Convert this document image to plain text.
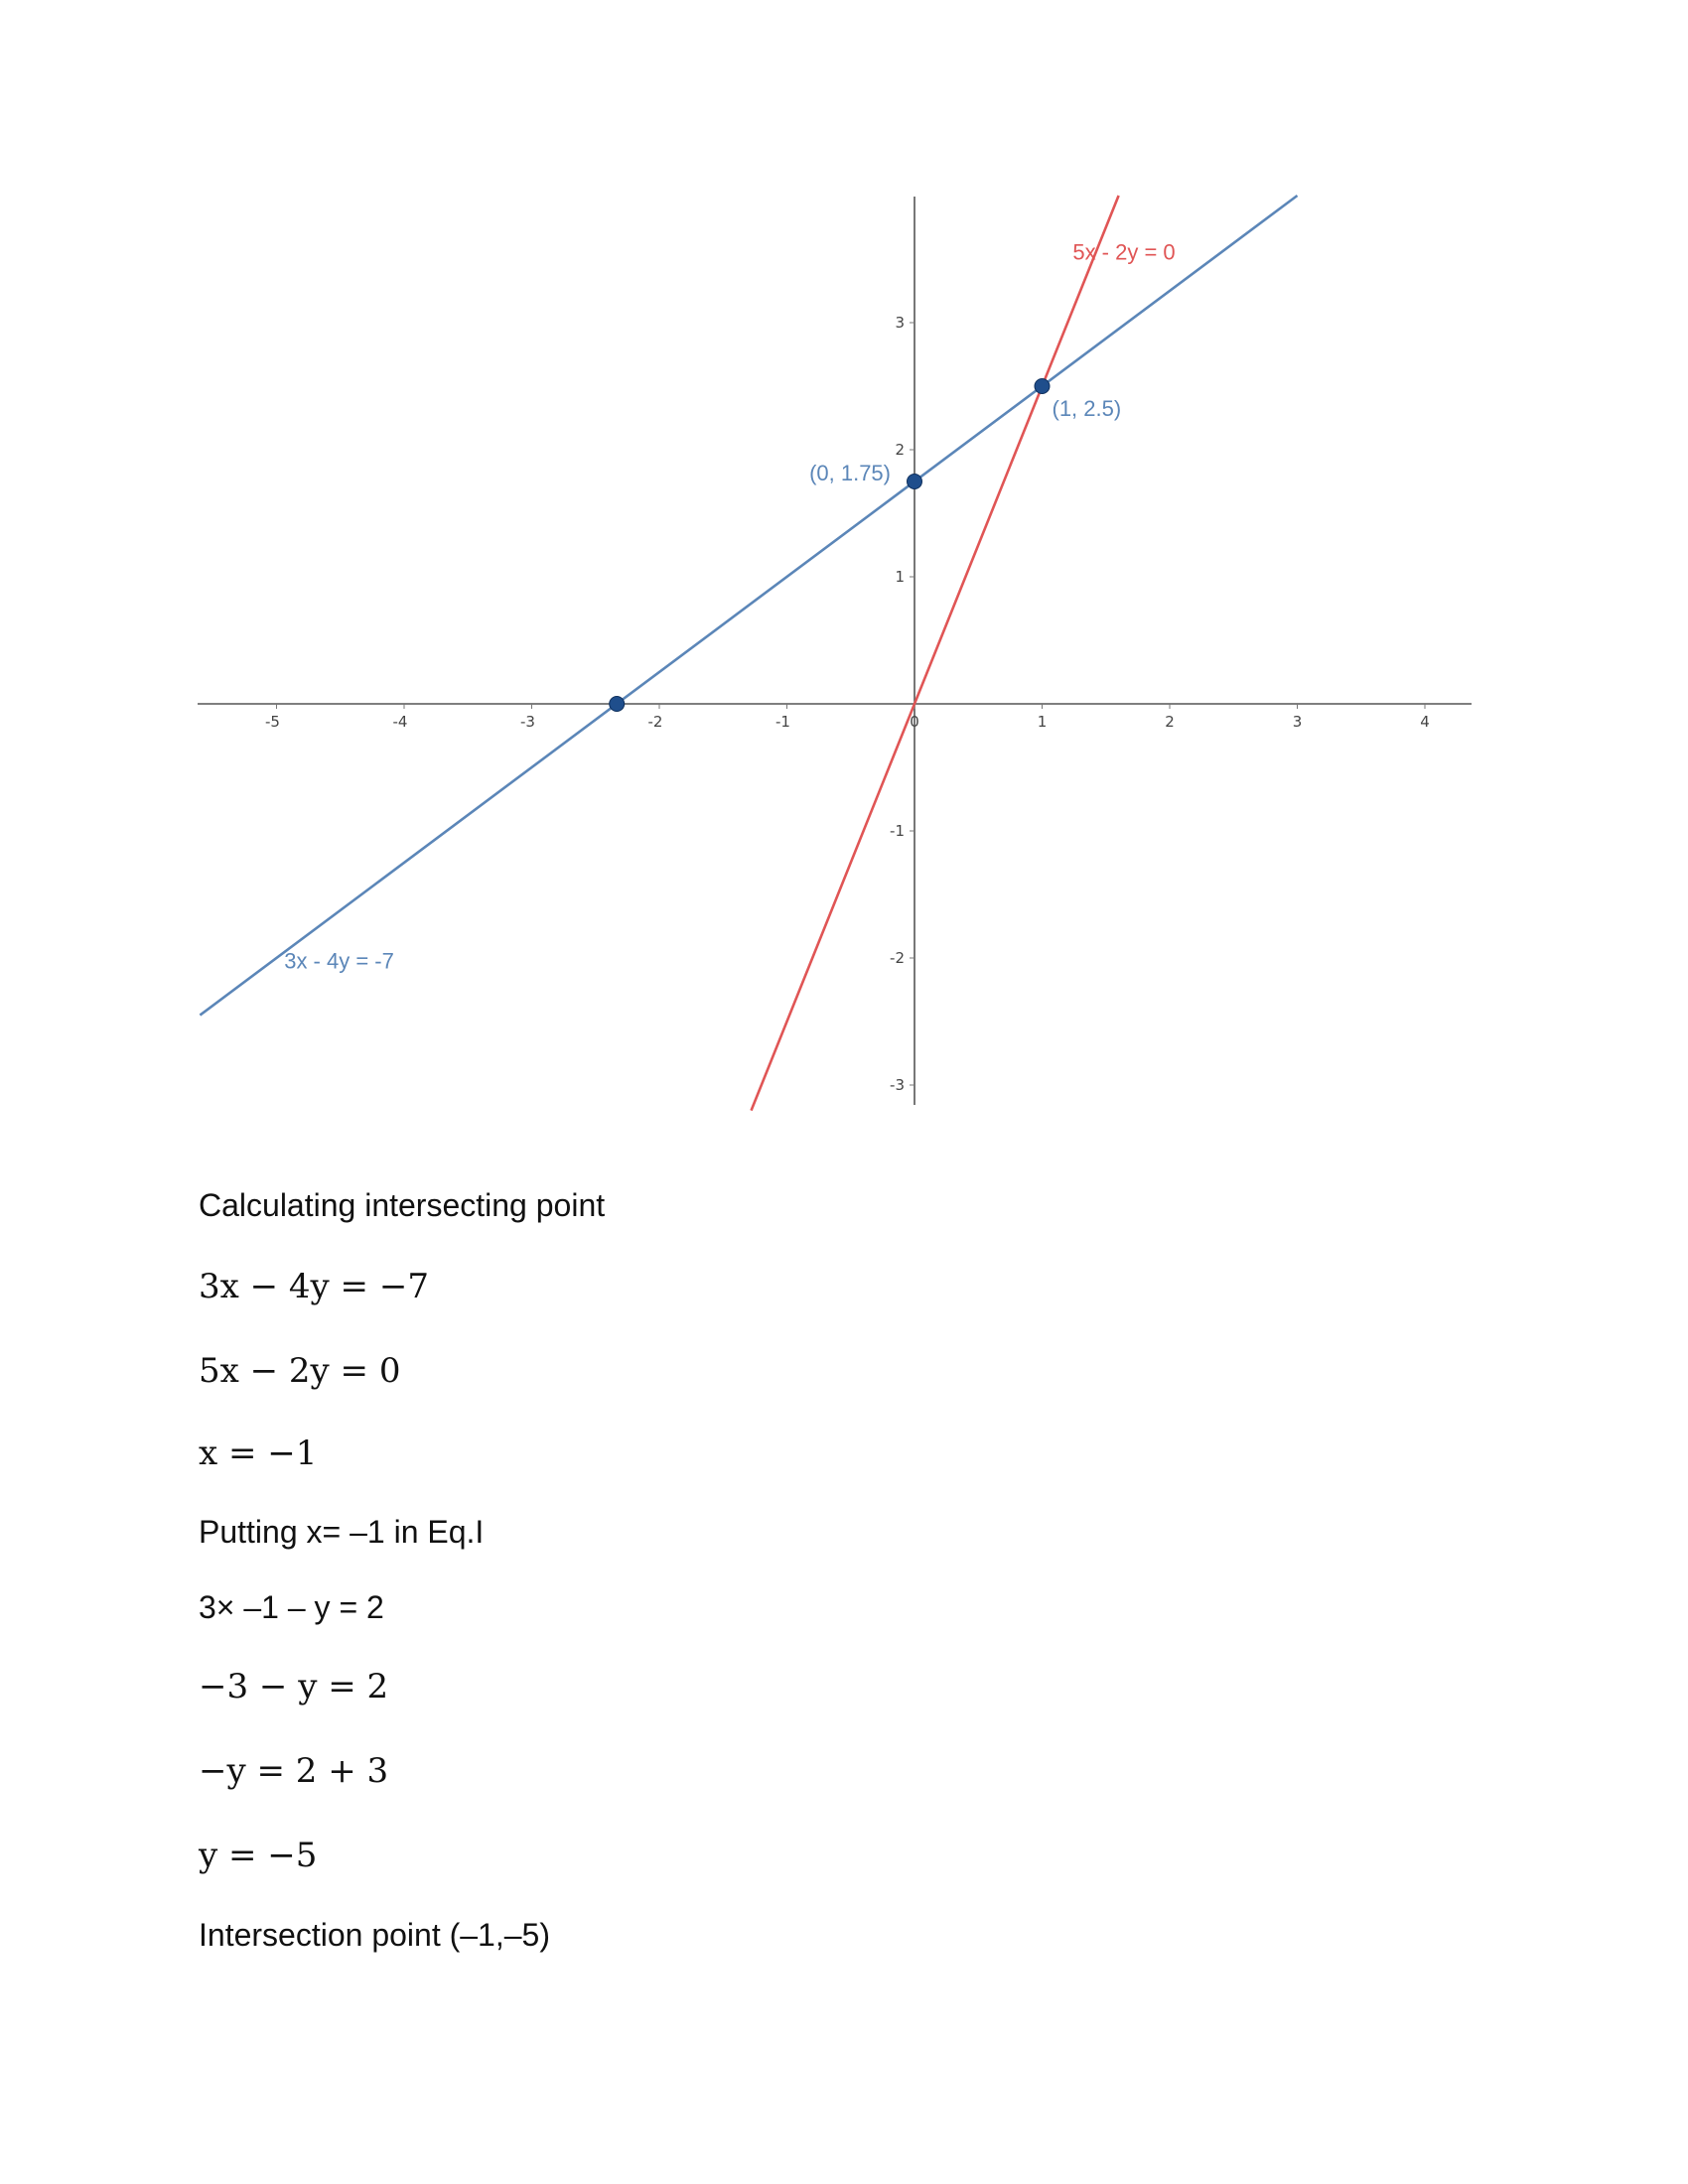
-5	-4	-3	-2	-1	0	1	2	3	4
3
2
1
-1
-2
-3
3x - 4y = -7
5x - 2y = 0
(0, 1.75)
(1, 2.5)

Calculating intersecting point

3x − 4y = −7

5x − 2y = 0

x = −1

Putting x= –1 in Eq.I

3× –1 – y = 2

−3 − y = 2

−y = 2 + 3

y = −5

Intersection point (–1,–5)
